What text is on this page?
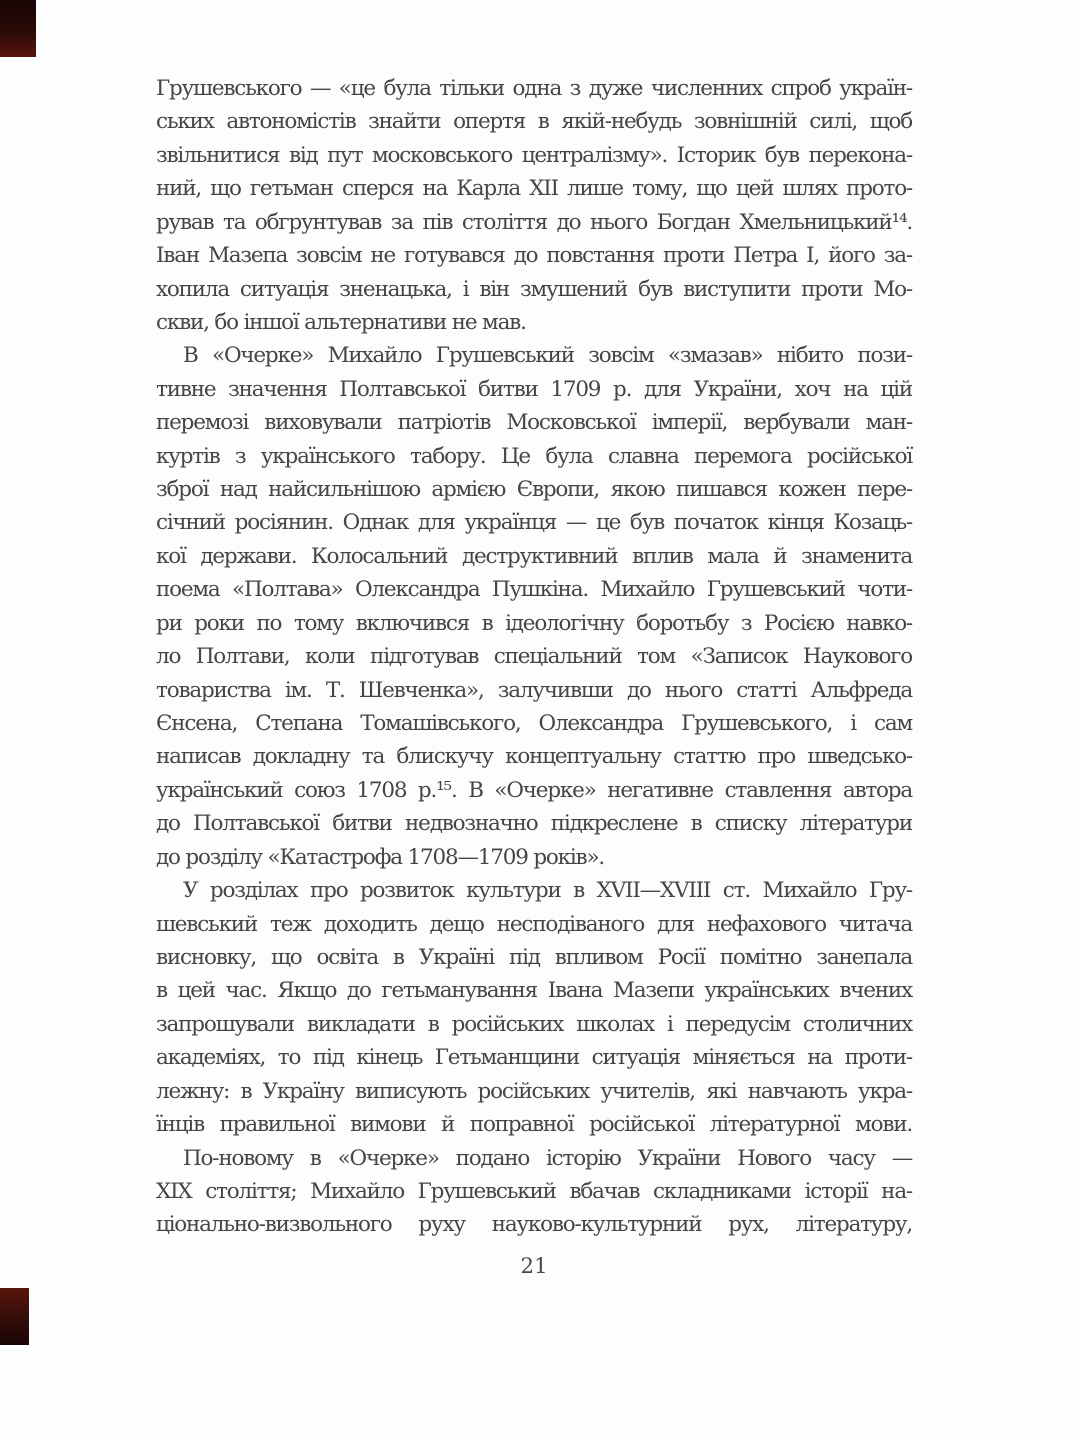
Грушевського — «це була тільки одна з дуже численних спроб україн-
ських автономістів знайти опертя в якій-небудь зовнішній силі, щоб
звільнитися від пут московського централізму». Історик був перекона-
ний, що гетьман сперся на Карла XII лише тому, що цей шлях прото-
рував та обгрунтував за пів століття до нього Богдан Хмельницький¹⁴.
Іван Мазепа зовсім не готувався до повстання проти Петра І, його за-
хопила ситуація зненацька, і він змушений був виступити проти Мо-
скви, бо іншої альтернативи не мав.
В «Очерке» Михайло Грушевський зовсім «змазав» нібито пози-
тивне значення Полтавської битви 1709 р. для України, хоч на цій
перемозі виховували патріотів Московської імперії, вербували ман-
куртів з українського табору. Це була славна перемога російської
зброї над найсильнішою армією Європи, якою пишався кожен пере-
січний росіянин. Однак для українця — це був початок кінця Козаць-
кої держави. Колосальний деструктивний вплив мала й знаменита
поема «Полтава» Олександра Пушкіна. Михайло Грушевський чоти-
ри роки по тому включився в ідеологічну боротьбу з Росією навко-
ло Полтави, коли підготував спеціальний том «Записок Наукового
товариства ім. Т. Шевченка», залучивши до нього статті Альфреда
Єнсена, Степана Томашівського, Олександра Грушевського, і сам
написав докладну та блискучу концептуальну статтю про шведсько-
український союз 1708 р.¹⁵. В «Очерке» негативне ставлення автора
до Полтавської битви недвозначно підкреслене в списку літератури
до розділу «Катастрофа 1708—1709 років».
У розділах про розвиток культури в XVII—XVIII ст. Михайло Гру-
шевський теж доходить дещо несподіваного для нефахового читача
висновку, що освіта в Україні під впливом Росії помітно занепала
в цей час. Якщо до гетьманування Івана Мазепи українських вчених
запрошували викладати в російських школах і передусім столичних
академіях, то під кінець Гетьманщини ситуація міняється на проти-
лежну: в Україну виписують російських учителів, які навчають укра-
їнців правильної вимови й поправної російської літературної мови.
По-новому в «Очерке» подано історію України Нового часу —
XIX століття; Михайло Грушевський вбачав складниками історії на-
ціонально-визвольного руху науково-культурний рух, літературу,
21
